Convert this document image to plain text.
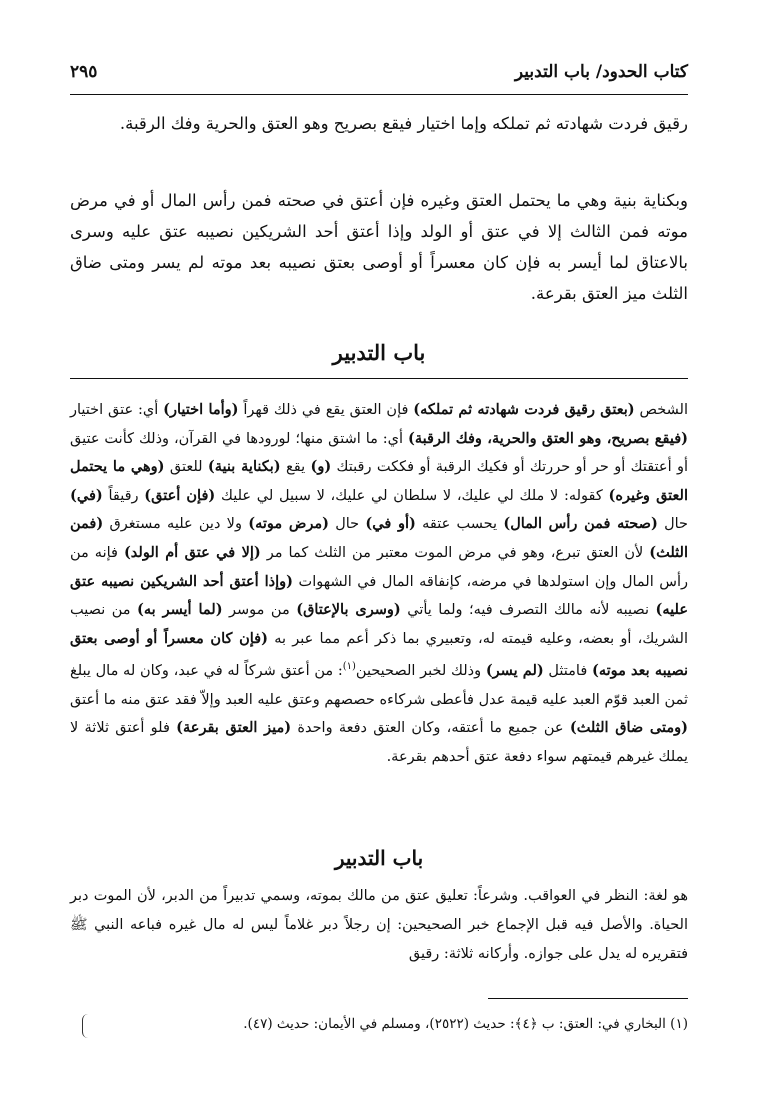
كتاب الحدود/ باب التدبير
٢٩٥
رقيق فردت شهادته ثم تملكه وإما اختيار فيقع بصريح وهو العتق والحرية وفك الرقبة.
وبكناية بنية وهي ما يحتمل العتق وغيره فإن أعتق في صحته فمن رأس المال أو في مرض موته فمن الثالث إلا في عتق أو الولد وإذا أعتق أحد الشريكين نصيبه عتق عليه وسرى بالاعتاق لما أيسر به فإن كان معسراً أو أوصى بعتق نصيبه بعد موته لم يسر ومتى ضاق الثلث ميز العتق بقرعة.
باب التدبير
الشخص (بعتق رقيق فردت شهادته ثم تملكه) فإن العتق يقع في ذلك قهراً (وأما اختيار) أي: عتق اختيار (فيقع بصريح، وهو العتق والحرية، وفك الرقبة) أي: ما اشتق منها؛ لورودها في القرآن، وذلك كأنت عتيق أو أعتقتك أو حر أو حررتك أو فكيك الرقبة أو فككت رقبتك (و) يقع (بكناية بنية) للعتق (وهي ما يحتمل العتق وغيره) كقوله: لا ملك لي عليك، لا سلطان لي عليك، لا سبيل لي عليك (فإن أعتق) رقيقاً (في) حال (صحته فمن رأس المال) يحسب عتقه (أو في) حال (مرض موته) ولا دين عليه مستغرق (فمن الثلث) لأن العتق تبرع، وهو في مرض الموت معتبر من الثلث كما مر (إلا في عتق أم الولد) فإنه من رأس المال وإن استولدها في مرضه، كإنفاقه المال في الشهوات (وإذا أعتق أحد الشريكين نصيبه عتق عليه) نصيبه لأنه مالك التصرف فيه؛ ولما يأتي (وسرى بالإعتاق) من موسر (لما أيسر به) من نصيب الشريك، أو بعضه، وعليه قيمته له، وتعبيري بما ذكر أعم مما عبر به (فإن كان معسراً أو أوصى بعتق نصيبه بعد موته) فامتثل (لم يسر) وذلك لخبر الصحيحين$^{(١)}$: من أعتق شركاً له في عبد، وكان له مال يبلغ ثمن العبد قوّم العبد عليه قيمة عدل فأعطى شركاءه حصصهم وعتق عليه العبد وإلاّ فقد عتق منه ما أعتق (ومتى ضاق الثلث) عن جميع ما أعتقه، وكان العتق دفعة واحدة (ميز العتق بقرعة) فلو أعتق ثلاثة لا يملك غيرهم قيمتهم سواء دفعة عتق أحدهم بقرعة.
باب التدبير
هو لغة: النظر في العواقب. وشرعاً: تعليق عتق من مالك بموته، وسمي تدبيراً من الدبر، لأن الموت دبر الحياة. والأصل فيه قبل الإجماع خبر الصحيحين: إن رجلاً دبر غلاماً ليس له مال غيره فباعه النبي ﷺ فتقريره له يدل على جوازه. وأركانه ثلاثة: رقيق
(١) البخاري في: العتق: ب ﴿٤﴾: حديث (٢٥٢٢)، ومسلم في الأيمان: حديث (٤٧).
